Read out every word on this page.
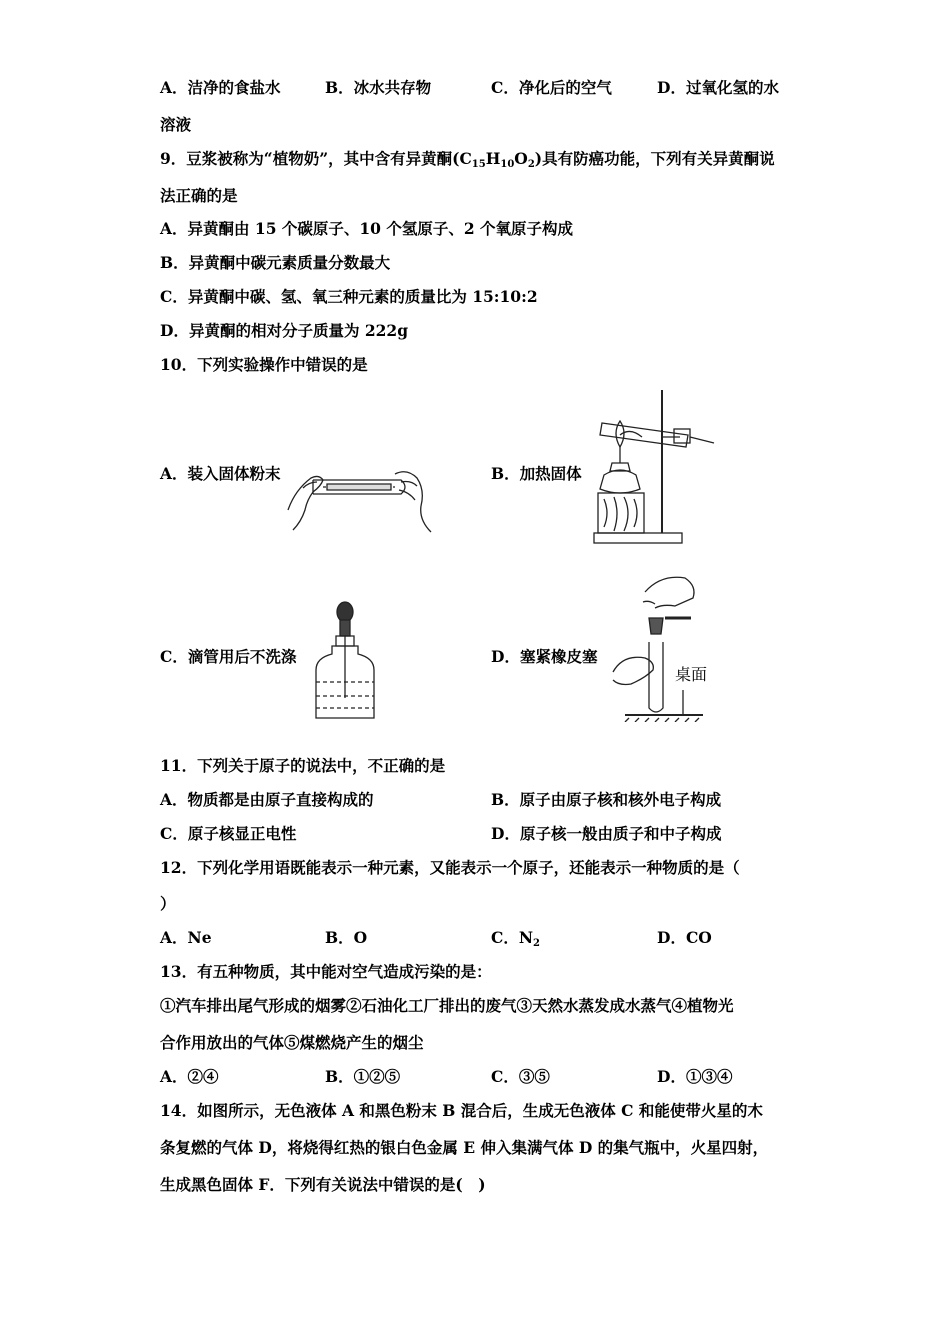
A．洁净的食盐水	B．冰水共存物	C．净化后的空气	D．过氧化氢的水
溶液
9．豆浆被称为“植物奶”，其中含有异黄酮$(C_{15}H_{10}O_2)$具有防癌功能，下列有关异黄酮说
法正确的是
A．异黄酮由 15 个碳原子、10 个氢原子、2 个氧原子构成
B．异黄酮中碳元素质量分数最大
C．异黄酮中碳、氢、氧三种元素的质量比为 15:10:2
D．异黄酮的相对分子质量为 222g
10．下列实验操作中错误的是
A．装入固体粉末	B．加热固体
C．滴管用后不洗涤	D．塞紧橡皮塞
桌面
11．下列关于原子的说法中，不正确的是
A．物质都是由原子直接构成的	B．原子由原子核和核外电子构成
C．原子核显正电性	D．原子核一般由质子和中子构成
12．下列化学用语既能表示一种元素，又能表示一个原子，还能表示一种物质的是（
）
A．Ne	B．O	C．$N_2$	D．CO
13．有五种物质，其中能对空气造成污染的是：
①汽车排出尾气形成的烟雾②石油化工厂排出的废气③天然水蒸发成水蒸气④植物光
合作用放出的气体⑤煤燃烧产生的烟尘
A．②④	B．①②⑤	C．③⑤	D．①③④
14．如图所示，无色液体 A 和黑色粉末 B 混合后，生成无色液体 C 和能使带火星的木
条复燃的气体 D，将烧得红热的银白色金属 E 伸入集满气体 D 的集气瓶中，火星四射，
生成黑色固体 F．下列有关说法中错误的是(　)
